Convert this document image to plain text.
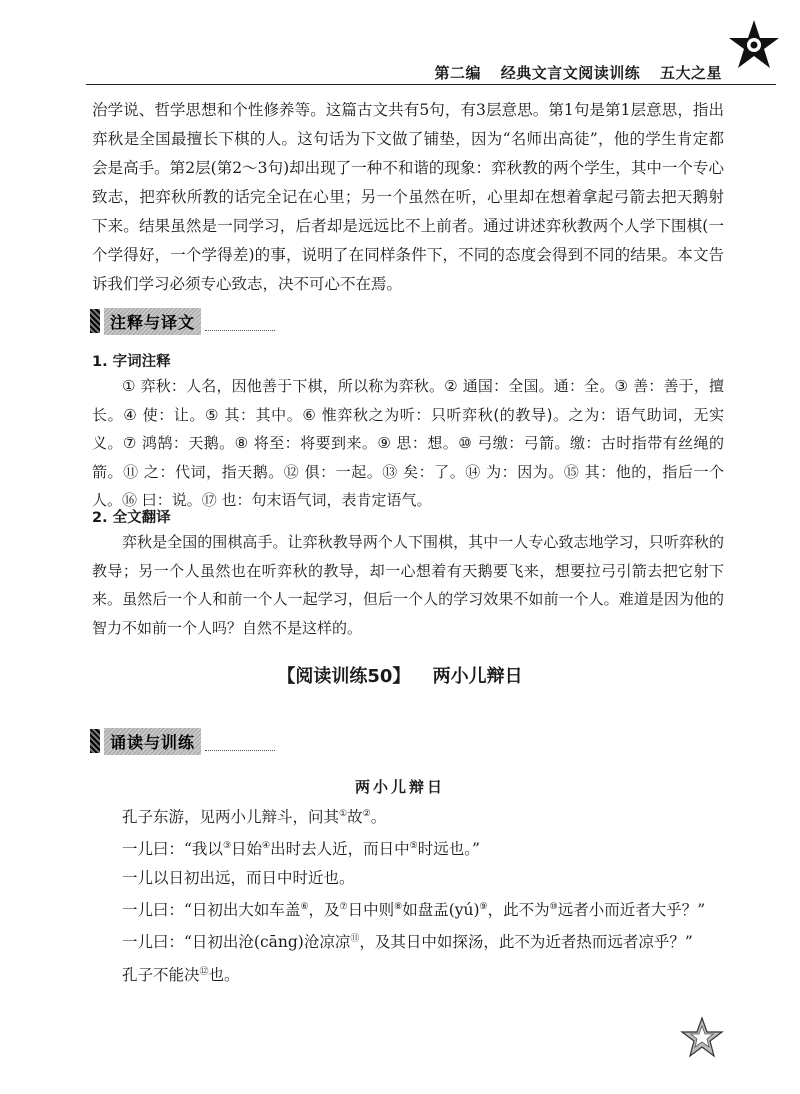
第二编 经典文言文阅读训练 五大之星
治学说、哲学思想和个性修养等。这篇古文共有5句，有3层意思。第1句是第1层意思，指出弈秋是全国最擅长下棋的人。这句话为下文做了铺垫，因为“名师出高徒”，他的学生肯定都会是高手。第2层(第2～3句)却出现了一种不和谐的现象：弈秋教的两个学生，其中一个专心致志，把弈秋所教的话完全记在心里；另一个虽然在听，心里却在想着拿起弓箭去把天鹅射下来。结果虽然是一同学习，后者却是远远比不上前者。通过讲述弈秋教两个人学下围棋(一个学得好，一个学得差)的事，说明了在同样条件下，不同的态度会得到不同的结果。本文告诉我们学习必须专心致志，决不可心不在焉。
注释与译文
1. 字词注释
① 弈秋：人名，因他善于下棋，所以称为弈秋。② 通国：全国。通：全。③ 善：善于，擅长。④ 使：让。⑤ 其：其中。⑥ 惟弈秋之为听：只听弈秋(的教导)。之为：语气助词，无实义。⑦ 鸿鹄：天鹅。⑧ 将至：将要到来。⑨ 思：想。⑩ 弓缴：弓箭。缴：古时指带有丝绳的箭。⑪ 之：代词，指天鹅。⑫ 俱：一起。⑬ 矣：了。⑭ 为：因为。⑮ 其：他的，指后一个人。⑯ 曰：说。⑰ 也：句末语气词，表肯定语气。
2. 全文翻译
弈秋是全国的围棋高手。让弈秋教导两个人下围棋，其中一人专心致志地学习，只听弈秋的教导；另一个人虽然也在听弈秋的教导，却一心想着有天鹅要飞来，想要拉弓引箭去把它射下来。虽然后一个人和前一个人一起学习，但后一个人的学习效果不如前一个人。难道是因为他的智力不如前一个人吗？自然不是这样的。
【阅读训练50】 两小儿辩日
诵读与训练
两小儿辩日

孔子东游，见两小儿辩斗，问其①故②。

一儿曰：“我以③日始④出时去人近，而日中⑤时远也。”

一儿以日初出远，而日中时近也。

一儿曰：“日初出大如车盖⑥，及⑦日中则⑧如盘盂(yú)⑨，此不为⑩远者小而近者大乎？”

一儿曰：“日初出沧(cāng)沧凉凉⑪，及其日中如探汤，此不为近者热而远者凉乎？”

孔子不能决⑫也。
